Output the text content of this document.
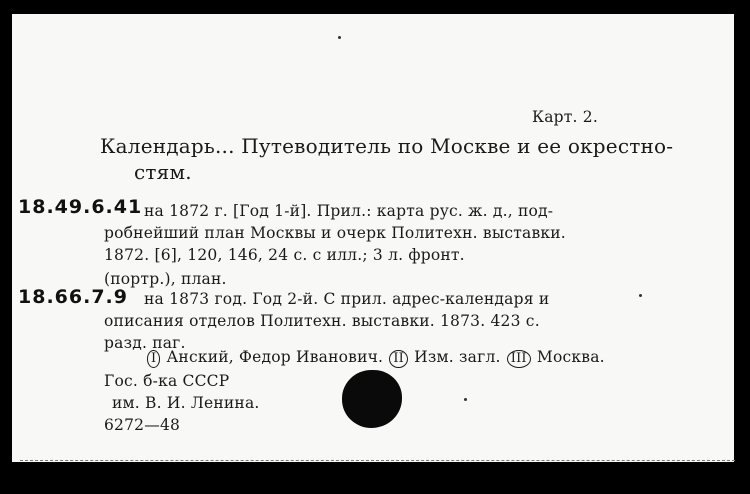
Карт. 2.
Календарь... Путеводитель по Москве и ее окрестно-
стям.
18.49.6.41 на 1872 г. [Год 1-й]. Прил.: карта рус. ж. д., под-
робнейший план Москвы и очерк Политехн. выставки.
1872. [6], 120, 146, 24 с. с илл.; 3 л. фронт.
(портр.), план.
18.66.7.9 на 1873 год. Год 2-й. С прил. адрес-календаря и
описания отделов Политехн. выставки. 1873. 423 с.
разд. паг.
I Анский, Федор Иванович. II Изм. загл. III Москва.
Гос. б-ка СССР
им. В. И. Ленина.
6272—48
